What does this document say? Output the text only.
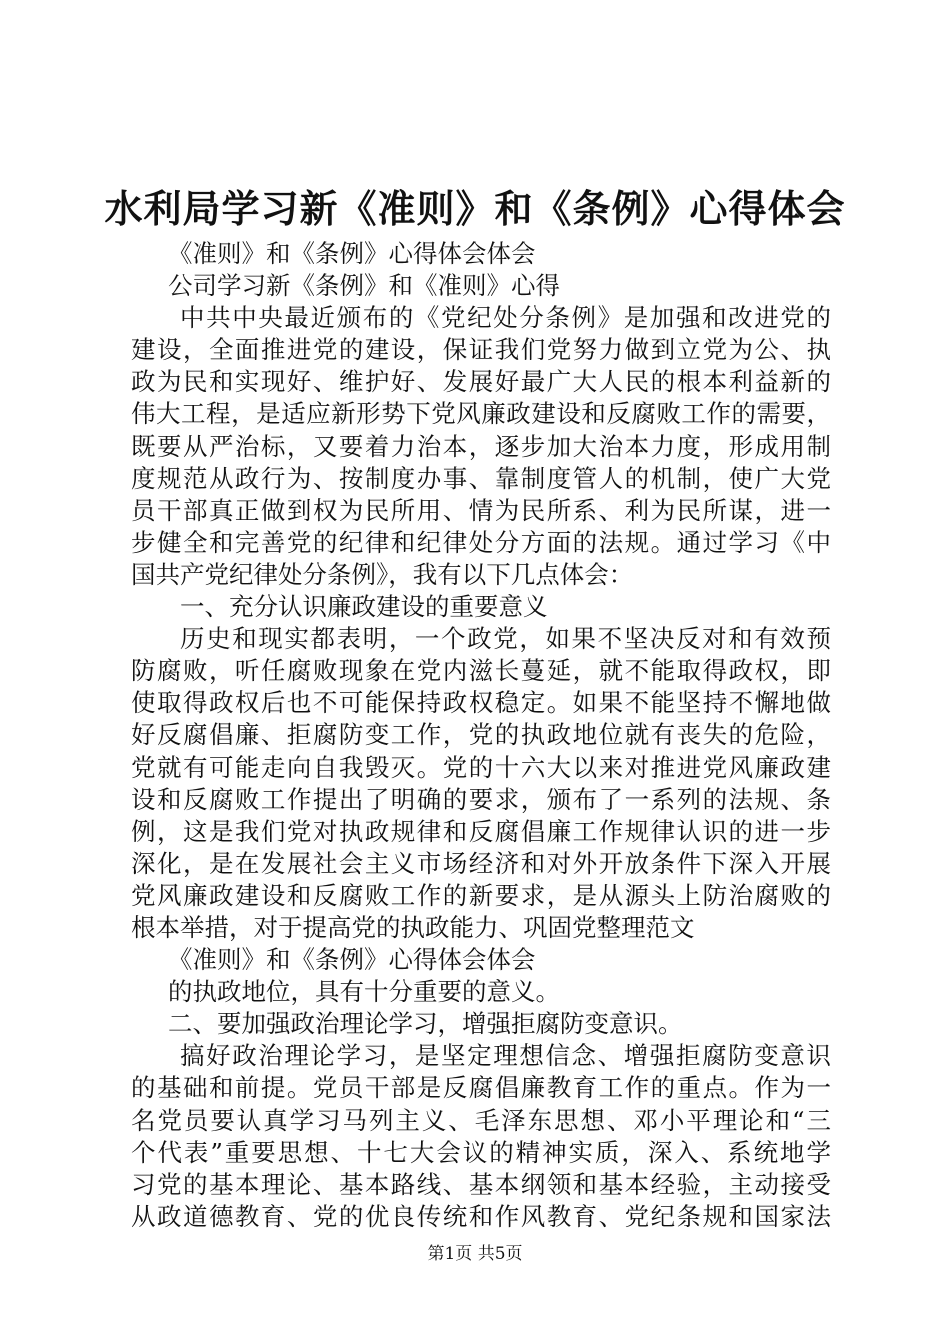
水利局学习新《准则》和《条例》心得体会
《准则》和《条例》心得体会体会
公司学习新《条例》和《准则》心得
中共中央最近颁布的《党纪处分条例》是加强和改进党的
建设，全面推进党的建设，保证我们党努力做到立党为公、执
政为民和实现好、维护好、发展好最广大人民的根本利益新的
伟大工程，是适应新形势下党风廉政建设和反腐败工作的需要，
既要从严治标，又要着力治本，逐步加大治本力度，形成用制
度规范从政行为、按制度办事、靠制度管人的机制，使广大党
员干部真正做到权为民所用、情为民所系、利为民所谋，进一
步健全和完善党的纪律和纪律处分方面的法规。通过学习《中
国共产党纪律处分条例》，我有以下几点体会：
一、充分认识廉政建设的重要意义
历史和现实都表明，一个政党，如果不坚决反对和有效预
防腐败，听任腐败现象在党内滋长蔓延，就不能取得政权，即
使取得政权后也不可能保持政权稳定。如果不能坚持不懈地做
好反腐倡廉、拒腐防变工作，党的执政地位就有丧失的危险，
党就有可能走向自我毁灭。党的十六大以来对推进党风廉政建
设和反腐败工作提出了明确的要求，颁布了一系列的法规、条
例，这是我们党对执政规律和反腐倡廉工作规律认识的进一步
深化，是在发展社会主义市场经济和对外开放条件下深入开展
党风廉政建设和反腐败工作的新要求，是从源头上防治腐败的
根本举措，对于提高党的执政能力、巩固党整理范文
《准则》和《条例》心得体会体会
的执政地位，具有十分重要的意义。
二、要加强政治理论学习，增强拒腐防变意识。
搞好政治理论学习，是坚定理想信念、增强拒腐防变意识
的基础和前提。党员干部是反腐倡廉教育工作的重点。作为一
名党员要认真学习马列主义、毛泽东思想、邓小平理论和“三
个代表”重要思想、十七大会议的精神实质，深入、系统地学
习党的基本理论、基本路线、基本纲领和基本经验，主动接受
从政道德教育、党的优良传统和作风教育、党纪条规和国家法
第1页 共5页
